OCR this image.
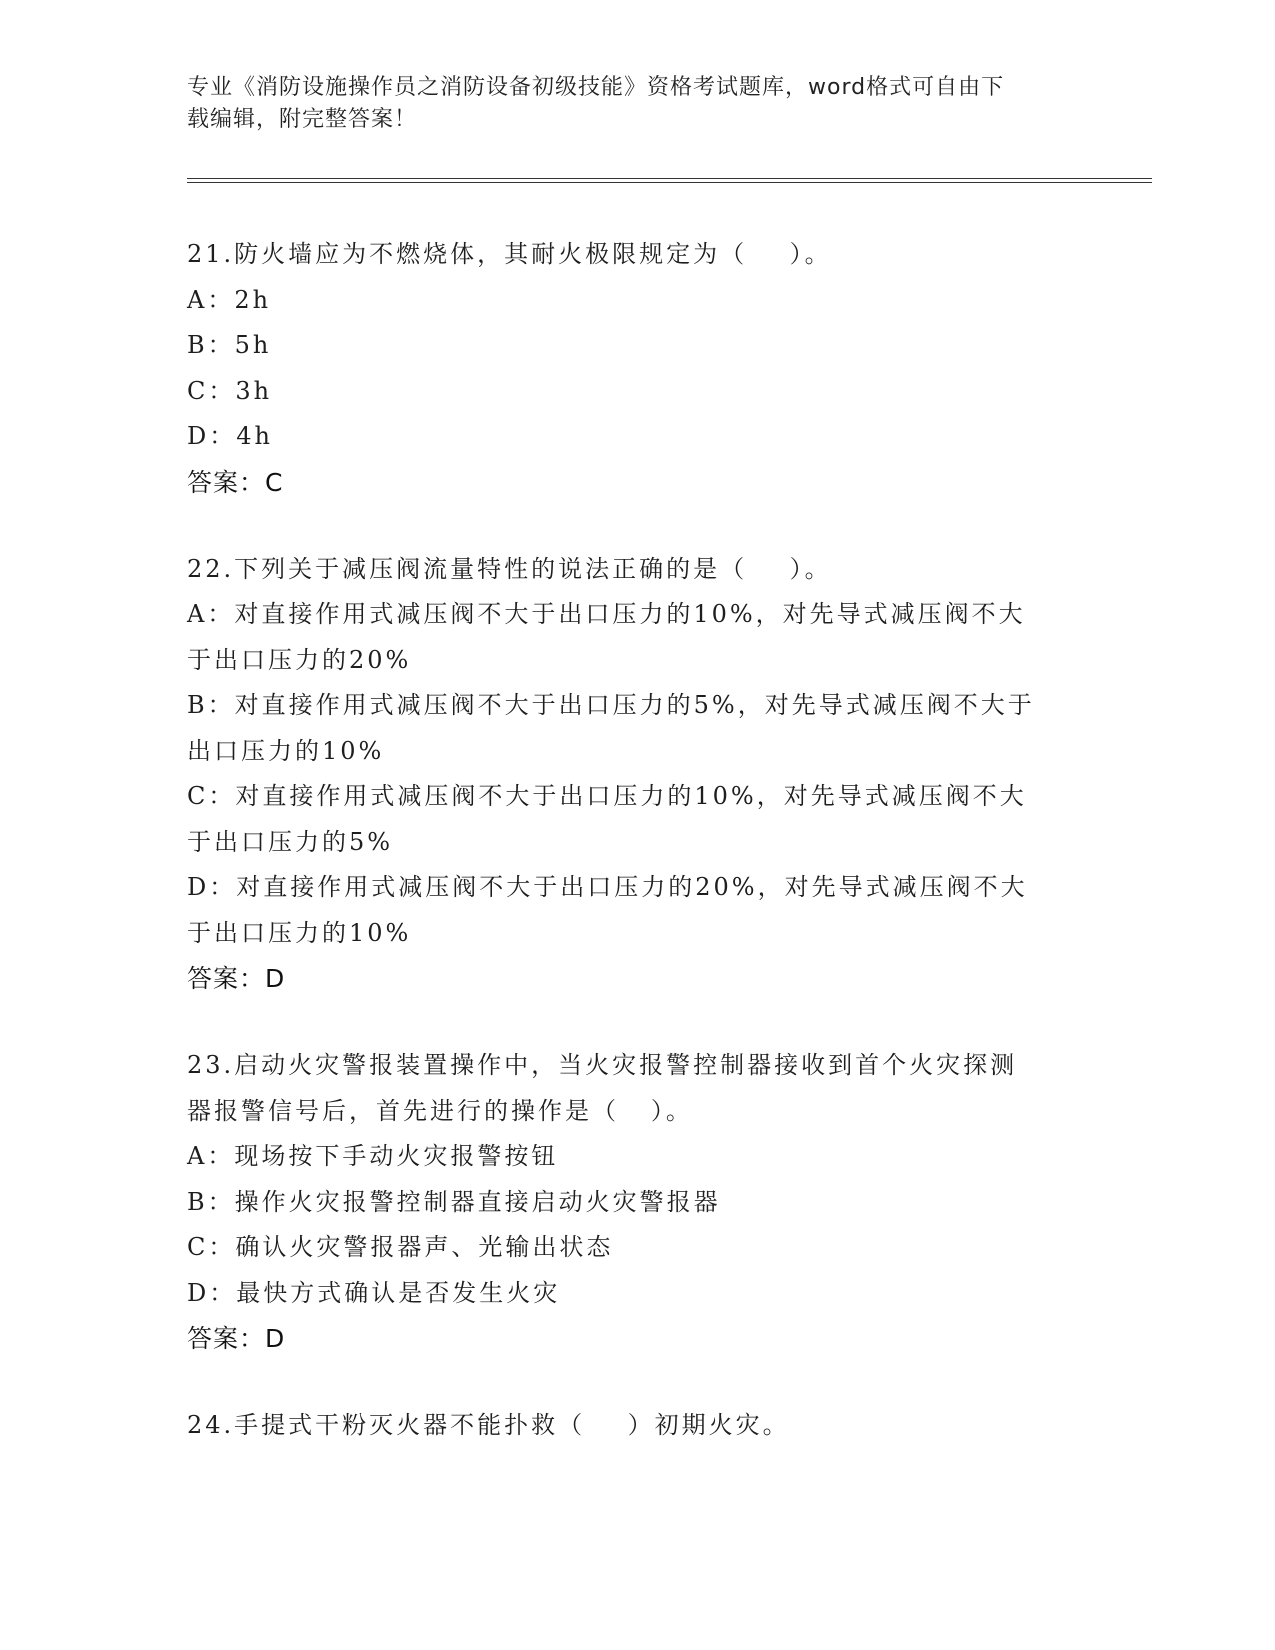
专业《消防设施操作员之消防设备初级技能》资格考试题库，word格式可自由下
载编辑，附完整答案！
21.防火墙应为不燃烧体，其耐火极限规定为（    ）。
A：2h
B：5h
C：3h
D：4h
答案：C
22.下列关于减压阀流量特性的说法正确的是（    ）。
A：对直接作用式减压阀不大于出口压力的10%，对先导式减压阀不大
于出口压力的20%
B：对直接作用式减压阀不大于出口压力的5%，对先导式减压阀不大于
出口压力的10%
C：对直接作用式减压阀不大于出口压力的10%，对先导式减压阀不大
于出口压力的5%
D：对直接作用式减压阀不大于出口压力的20%，对先导式减压阀不大
于出口压力的10%
答案：D
23.启动火灾警报装置操作中，当火灾报警控制器接收到首个火灾探测
器报警信号后，首先进行的操作是（   ）。
A：现场按下手动火灾报警按钮
B：操作火灾报警控制器直接启动火灾警报器
C：确认火灾警报器声、光输出状态
D：最快方式确认是否发生火灾
答案：D
24.手提式干粉灭火器不能扑救（    ）初期火灾。
